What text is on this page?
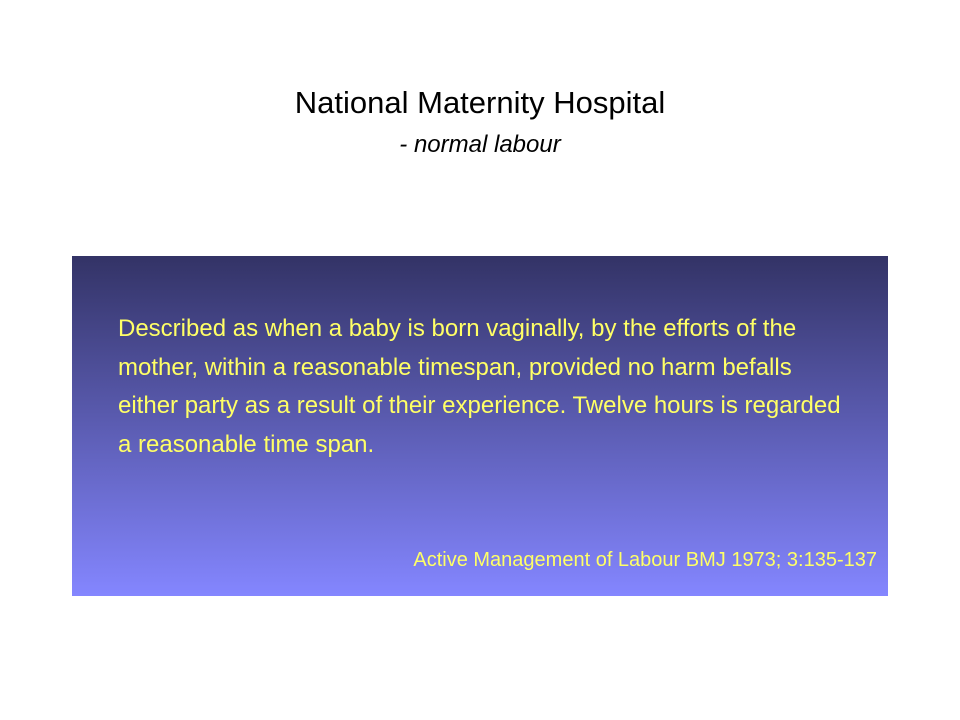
National Maternity Hospital
- normal labour

Described as when a baby is born vaginally, by the efforts of the mother, within a reasonable timespan, provided no harm befalls either party as a result of their experience. Twelve hours is regarded a reasonable time span.

Active Management of Labour BMJ 1973; 3:135-137
